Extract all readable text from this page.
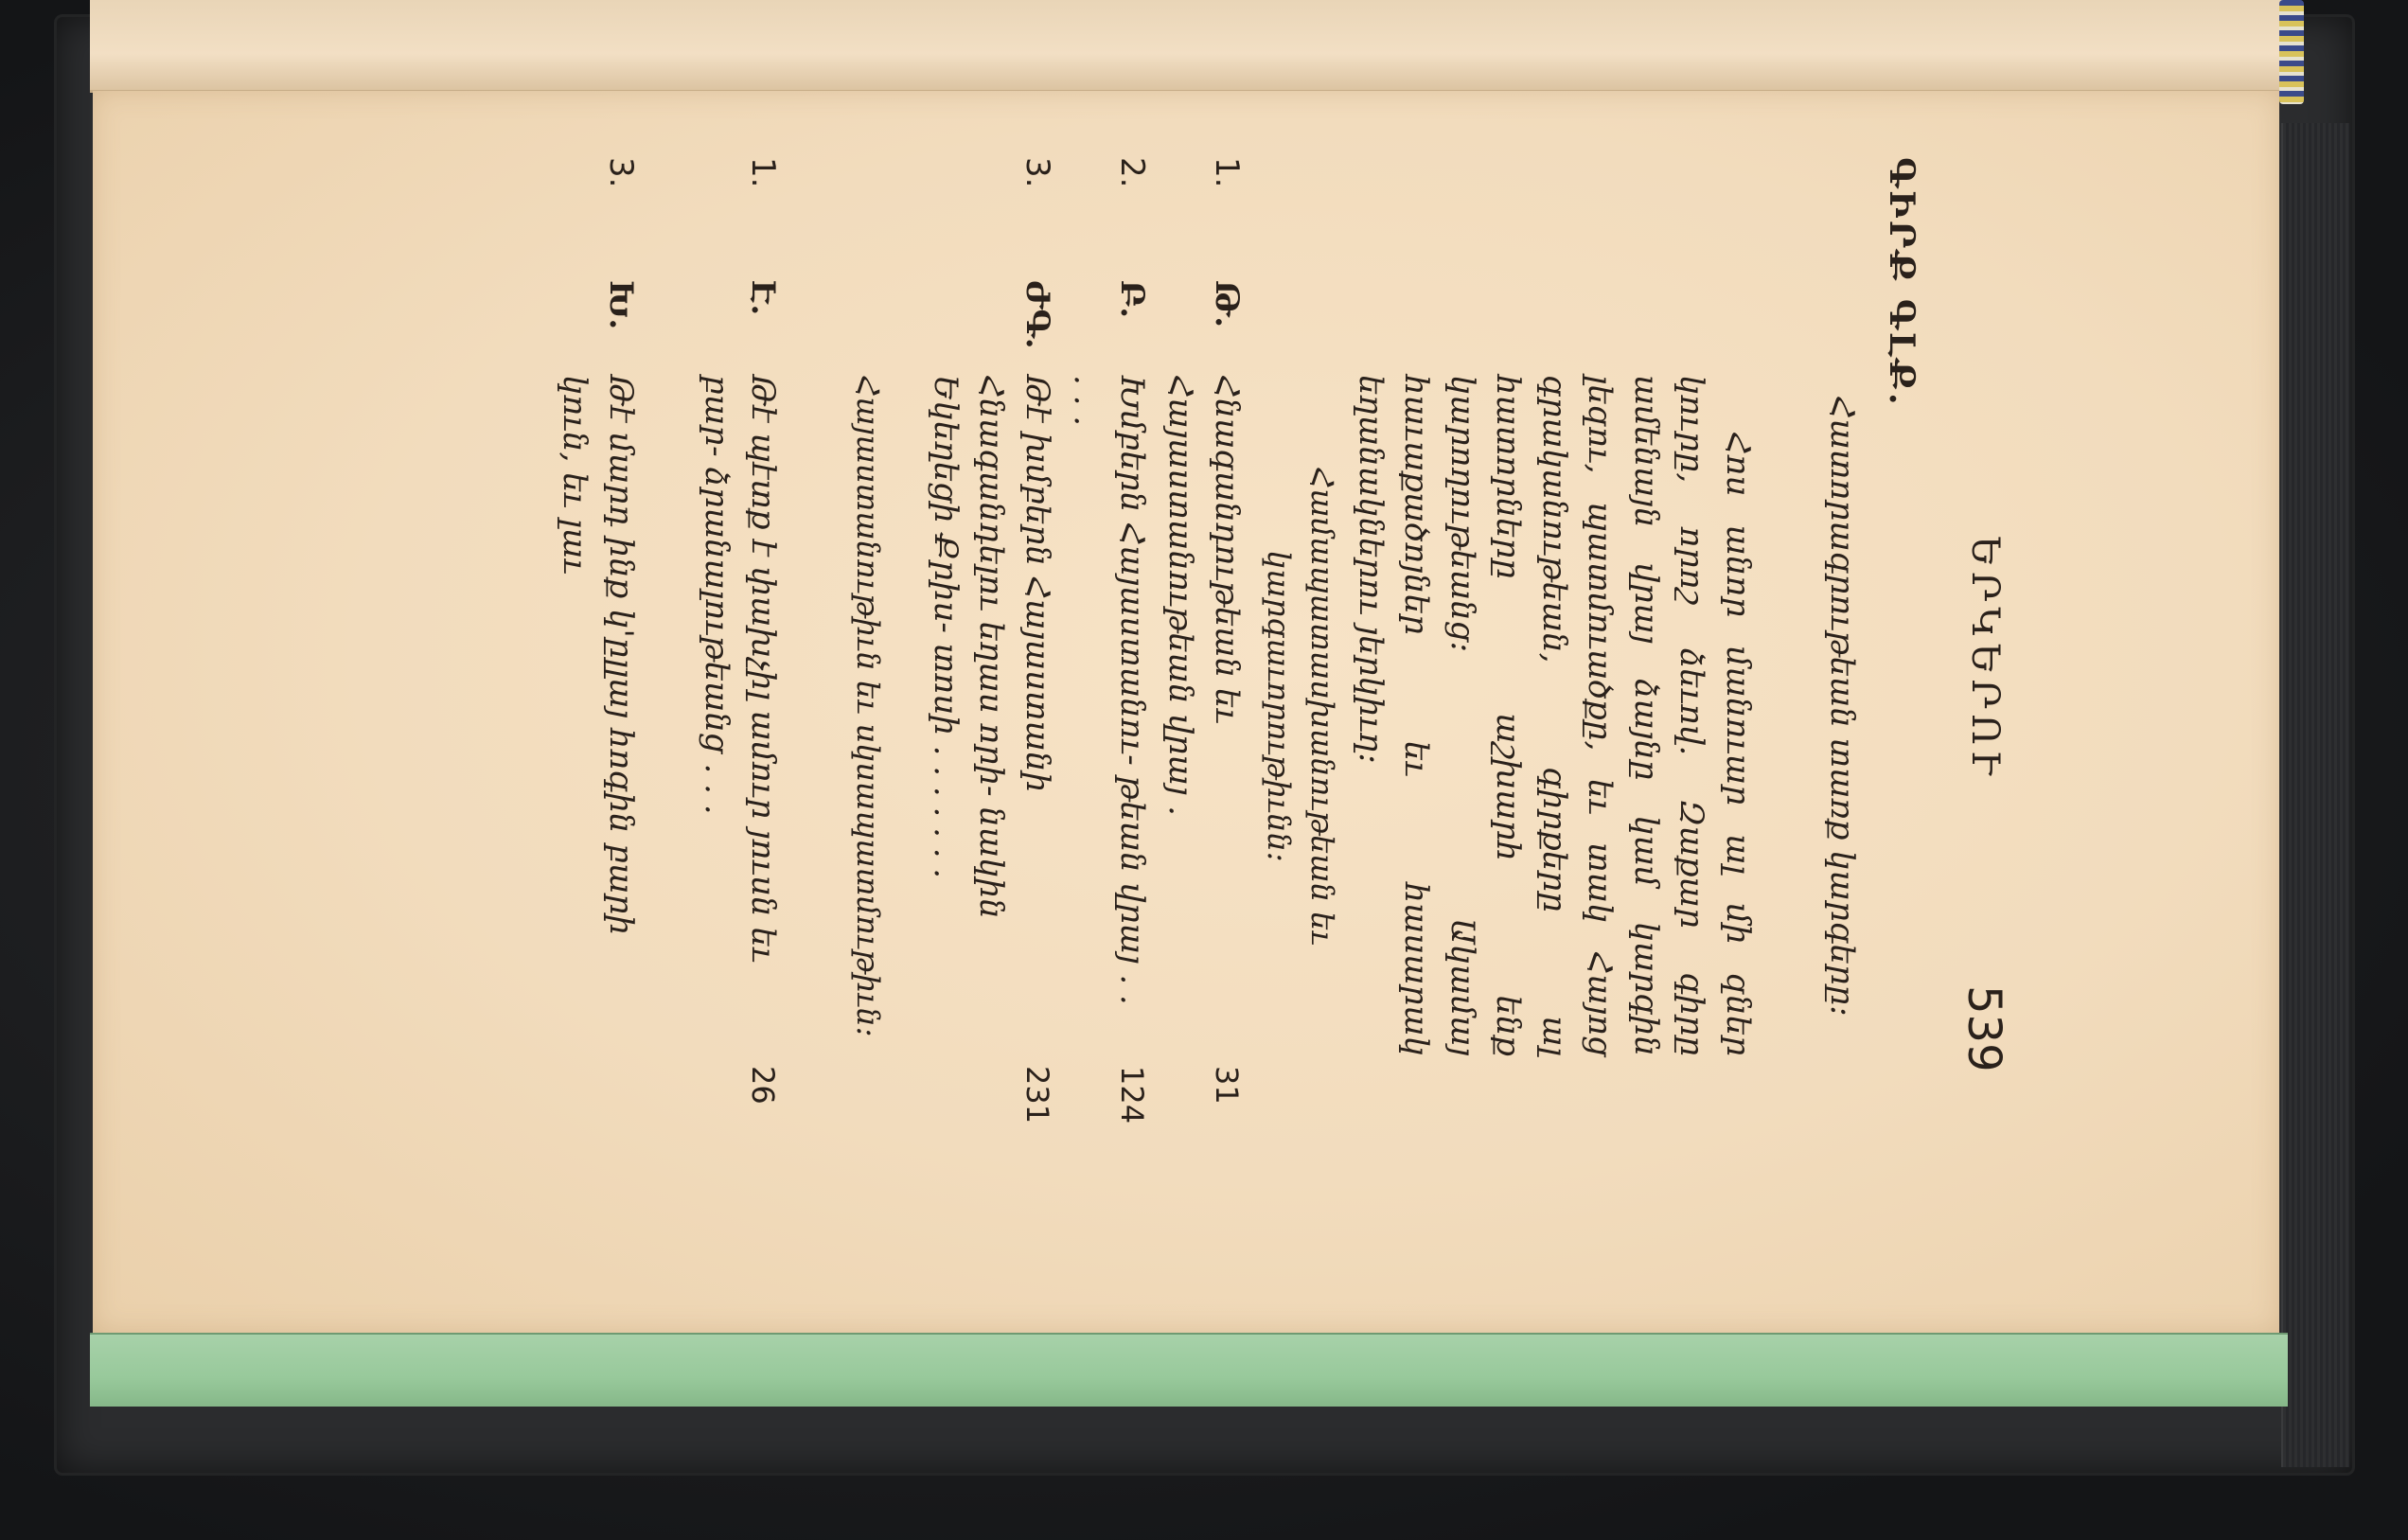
ԵՐԿԵՐՈՒ
539
ԳԻՐՔ ԳԼՔ.
Հատորագրութեան տառք կարգերը։

Հոս անոր մանուար ալ մի զներ կուրը, որոշ ձեւով. Զաքար գիրը ամենայն վրայ ձայնը կամ կարգին լեզու, պատմուածքը, եւ տակ Հայոց գրականութեան, գիրքերը ալ հատորները աշխարհ ենք կարողութեանց։ Ակամայ հաւաքածոյներ եւ հասարակ եղանակներու յերկիւղ։

Համապատասխանութեան եւ կարգաւորութիւնն։
1.
Թ.
Հնագանդութեան եւ Հայաստանութեան վրայ .
31
2.
Բ.
Խմբերն Հայաստանու- թեան վրայ . . . . .
124
3.
ԺԳ.
Թէ խմբերն Հայաստանի Հնագանդելու եղաս որի- նակին Եկեղեցի Քրիս- տոսի . . . . . . .
231
Հայաստանութիւն եւ սկսապատմութիւն։
1.
Է.
Թէ պէտք է փախչիլ ամուր յուսն եւ բար- ձրանալութեանց . . .
26
3.
Խ.
Թէ մարդ ինք կ'ըլլայ հոգին բարի կուն, եւ լաւ
